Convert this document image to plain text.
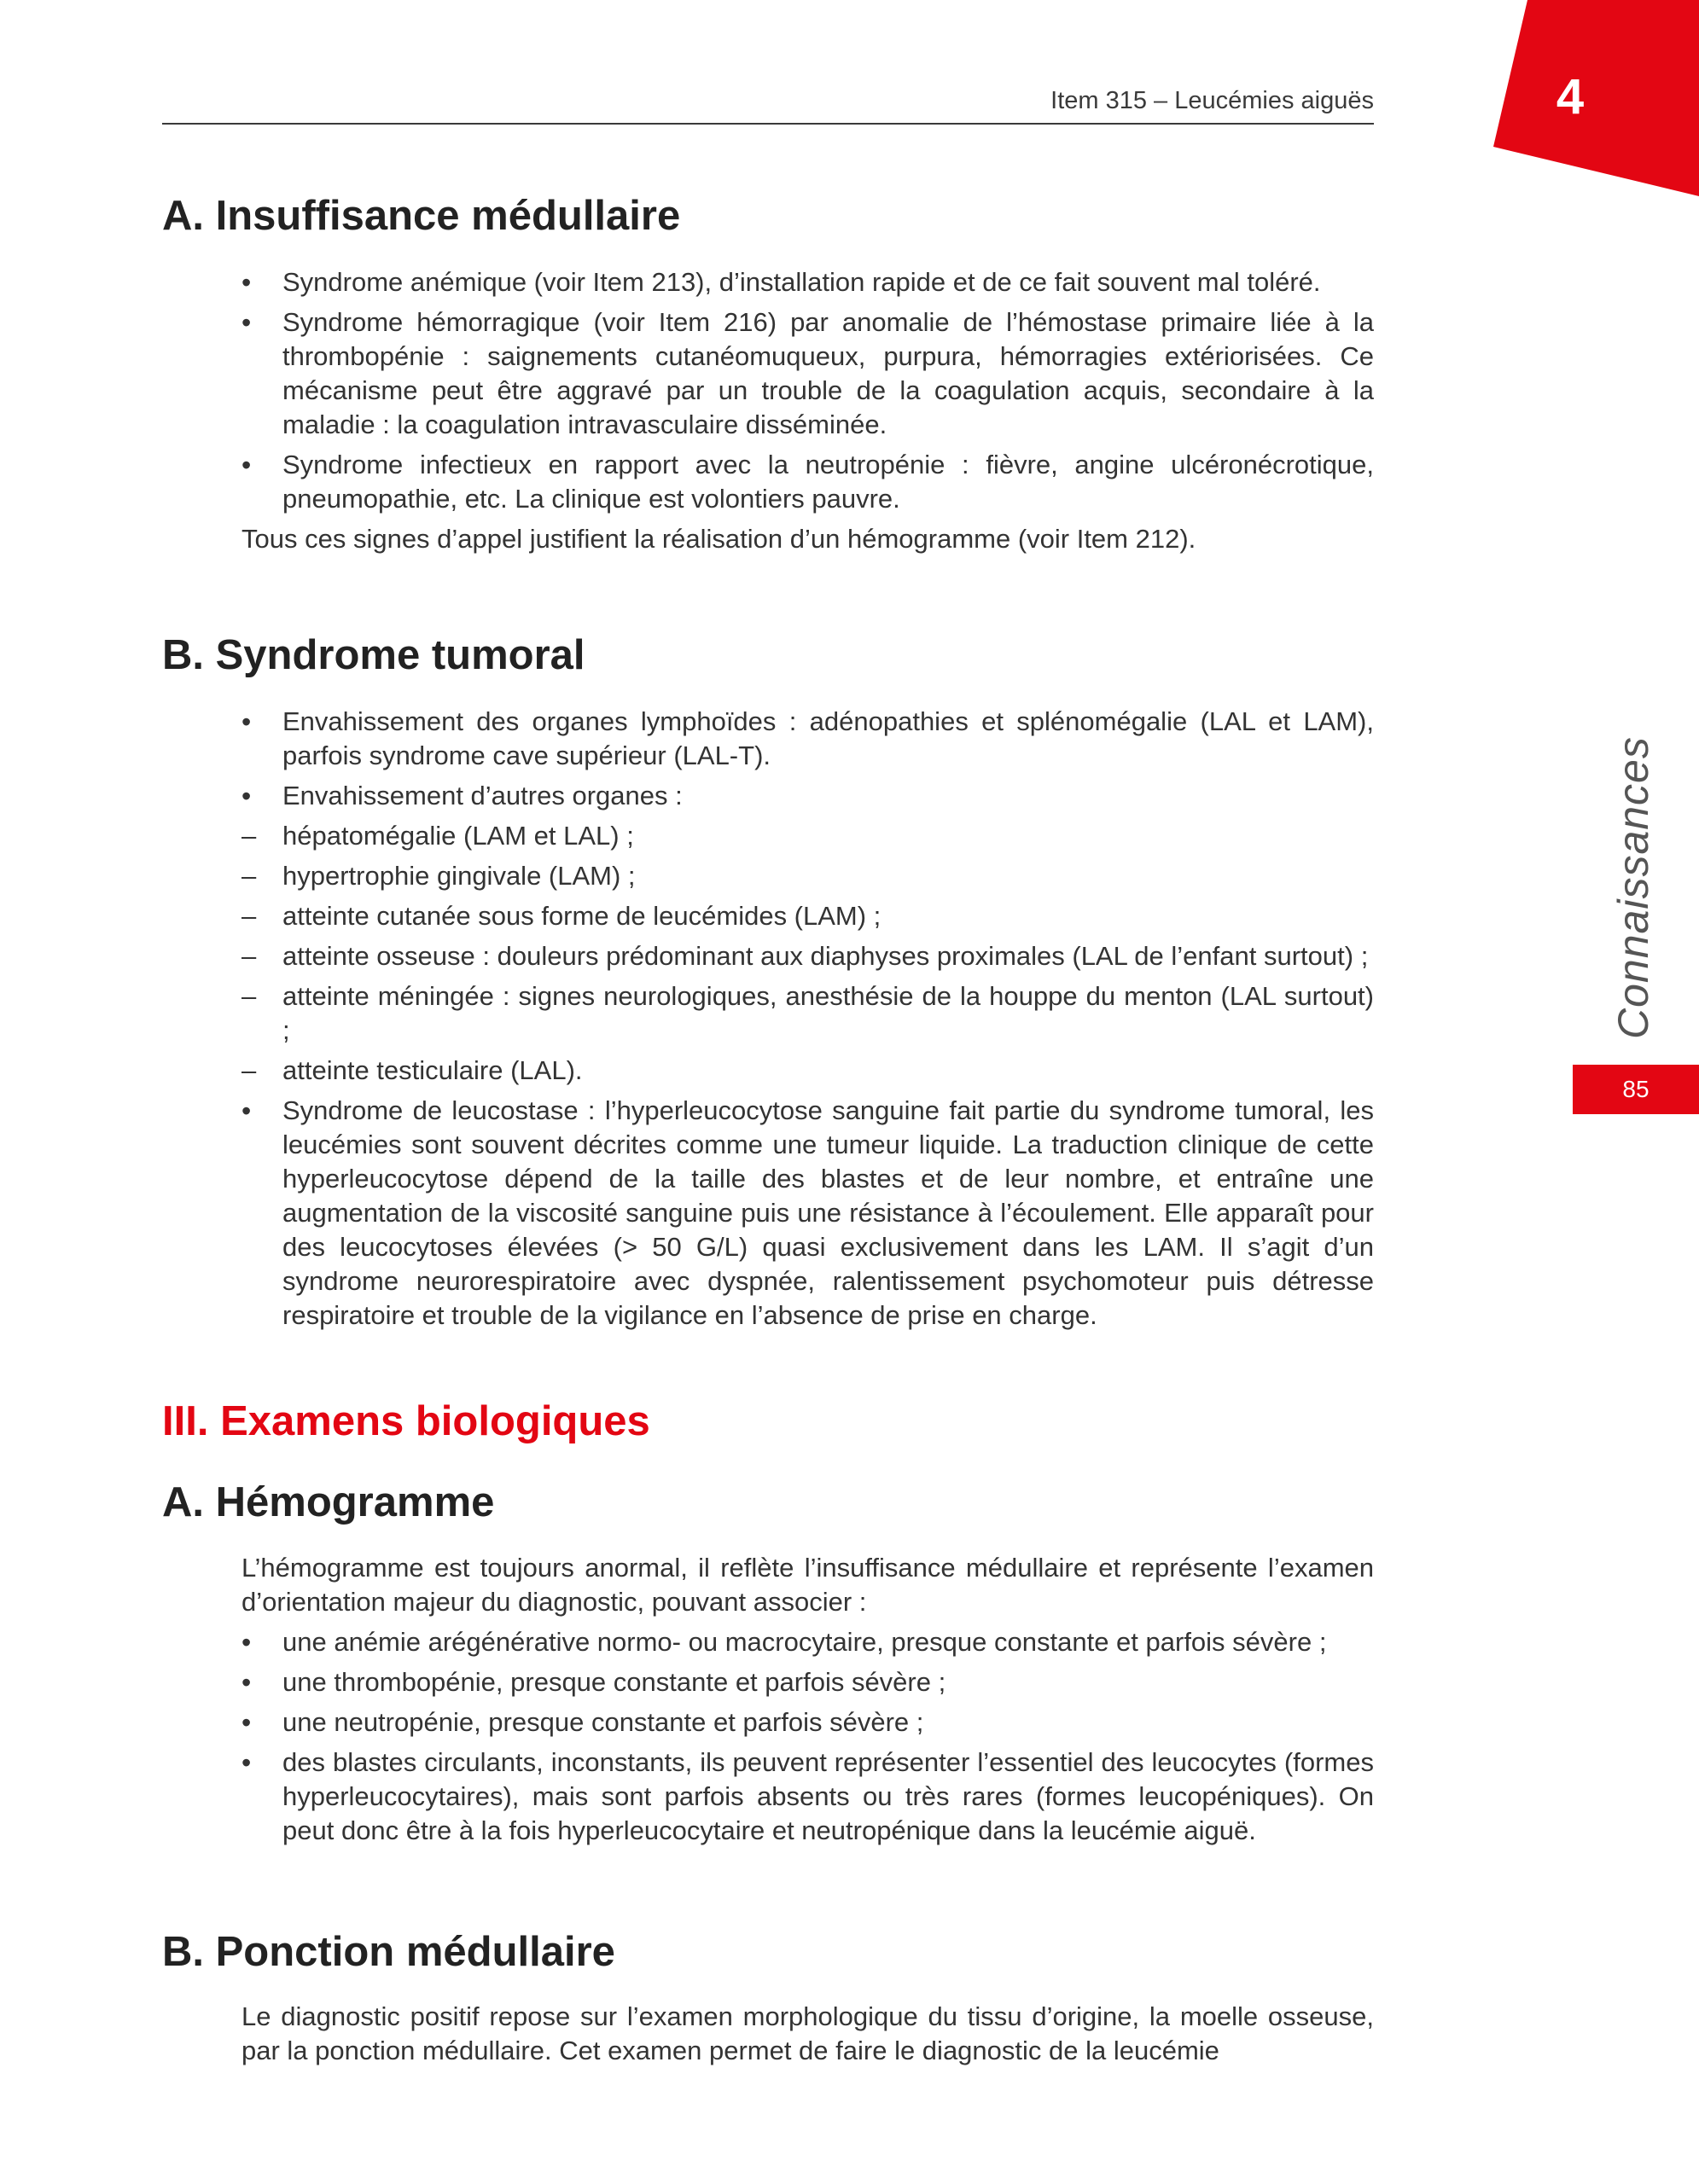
Item 315 – Leucémies aiguës	4
Connaissances
85
A. Insuffisance médullaire
• Syndrome anémique (voir Item 213), d’installation rapide et de ce fait souvent mal toléré.
• Syndrome hémorragique (voir Item 216) par anomalie de l’hémostase primaire liée à la thrombopénie : saignements cutanéomuqueux, purpura, hémorragies extériorisées. Ce mécanisme peut être aggravé par un trouble de la coagulation acquis, secondaire à la maladie : la coagulation intravasculaire disséminée.
• Syndrome infectieux en rapport avec la neutropénie : fièvre, angine ulcéronécrotique, pneumopathie, etc. La clinique est volontiers pauvre.

Tous ces signes d’appel justifient la réalisation d’un hémogramme (voir Item 212).

B. Syndrome tumoral
• Envahissement des organes lymphoïdes : adénopathies et splénomégalie (LAL et LAM), parfois syndrome cave supérieur (LAL-T).
• Envahissement d’autres organes :
– hépatomégalie (LAM et LAL) ;
– hypertrophie gingivale (LAM) ;
– atteinte cutanée sous forme de leucémides (LAM) ;
– atteinte osseuse : douleurs prédominant aux diaphyses proximales (LAL de l’enfant surtout) ;
– atteinte méningée : signes neurologiques, anesthésie de la houppe du menton (LAL surtout) ;
– atteinte testiculaire (LAL).
• Syndrome de leucostase : l’hyperleucocytose sanguine fait partie du syndrome tumoral, les leucémies sont souvent décrites comme une tumeur liquide. La traduction clinique de cette hyperleucocytose dépend de la taille des blastes et de leur nombre, et entraîne une augmentation de la viscosité sanguine puis une résistance à l’écoulement. Elle apparaît pour des leucocytoses élevées (> 50 G/L) quasi exclusivement dans les LAM. Il s’agit d’un syndrome neurorespiratoire avec dyspnée, ralentissement psychomoteur puis détresse respiratoire et trouble de la vigilance en l’absence de prise en charge.
III. Examens biologiques
A. Hémogramme

L’hémogramme est toujours anormal, il reflète l’insuffisance médullaire et représente l’examen d’orientation majeur du diagnostic, pouvant associer :

• une anémie arégénérative normo- ou macrocytaire, presque constante et parfois sévère ;
• une thrombopénie, presque constante et parfois sévère ;
• une neutropénie, presque constante et parfois sévère ;
• des blastes circulants, inconstants, ils peuvent représenter l’essentiel des leucocytes (formes hyperleucocytaires), mais sont parfois absents ou très rares (formes leucopéniques). On peut donc être à la fois hyperleucocytaire et neutropénique dans la leucémie aiguë.
B. Ponction médullaire

Le diagnostic positif repose sur l’examen morphologique du tissu d’origine, la moelle osseuse, par la ponction médullaire. Cet examen permet de faire le diagnostic de la leucémie
